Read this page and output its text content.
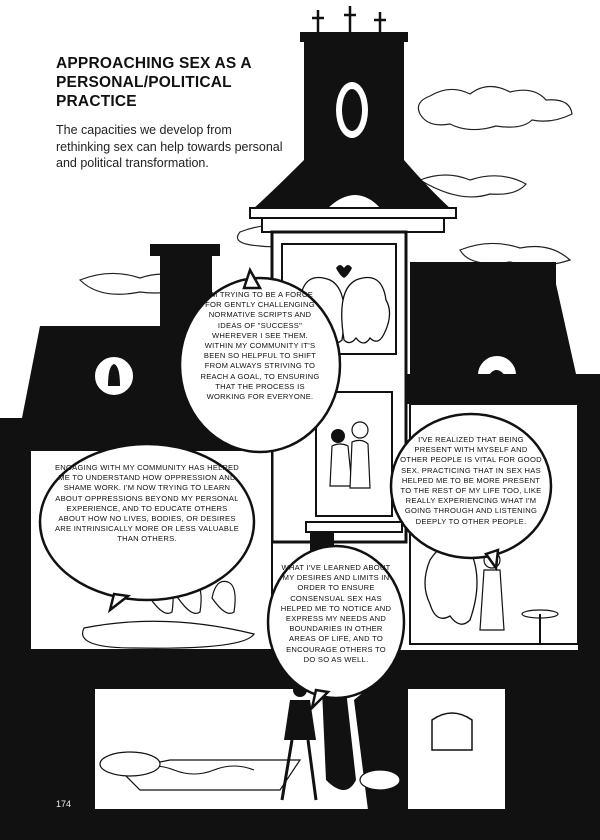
APPROACHING SEX AS A PERSONAL/POLITICAL PRACTICE

The capacities we develop from rethinking sex can help towards personal and political transformation.

I'M TRYING TO BE A FORCE FOR GENTLY CHALLENGING NORMATIVE SCRIPTS AND IDEAS OF "SUCCESS" WHEREVER I SEE THEM. WITHIN MY COMMUNITY IT'S BEEN SO HELPFUL TO SHIFT FROM ALWAYS STRIVING TO REACH A GOAL, TO ENSURING THAT THE PROCESS IS WORKING FOR EVERYONE.

ENGAGING WITH MY COMMUNITY HAS HELPED ME TO UNDERSTAND HOW OPPRESSION AND SHAME WORK. I'M NOW TRYING TO LEARN ABOUT OPPRESSIONS BEYOND MY PERSONAL EXPERIENCE, AND TO EDUCATE OTHERS ABOUT HOW NO LIVES, BODIES, OR DESIRES ARE INTRINSICALLY MORE OR LESS VALUABLE THAN OTHERS.

I'VE REALIZED THAT BEING PRESENT WITH MYSELF AND OTHER PEOPLE IS VITAL FOR GOOD SEX. PRACTICING THAT IN SEX HAS HELPED ME TO BE MORE PRESENT TO THE REST OF MY LIFE TOO, LIKE REALLY EXPERIENCING WHAT I'M GOING THROUGH AND LISTENING DEEPLY TO OTHER PEOPLE.

WHAT I'VE LEARNED ABOUT MY DESIRES AND LIMITS IN ORDER TO ENSURE CONSENSUAL SEX HAS HELPED ME TO NOTICE AND EXPRESS MY NEEDS AND BOUNDARIES IN OTHER AREAS OF LIFE, AND TO ENCOURAGE OTHERS TO DO SO AS WELL.

174
